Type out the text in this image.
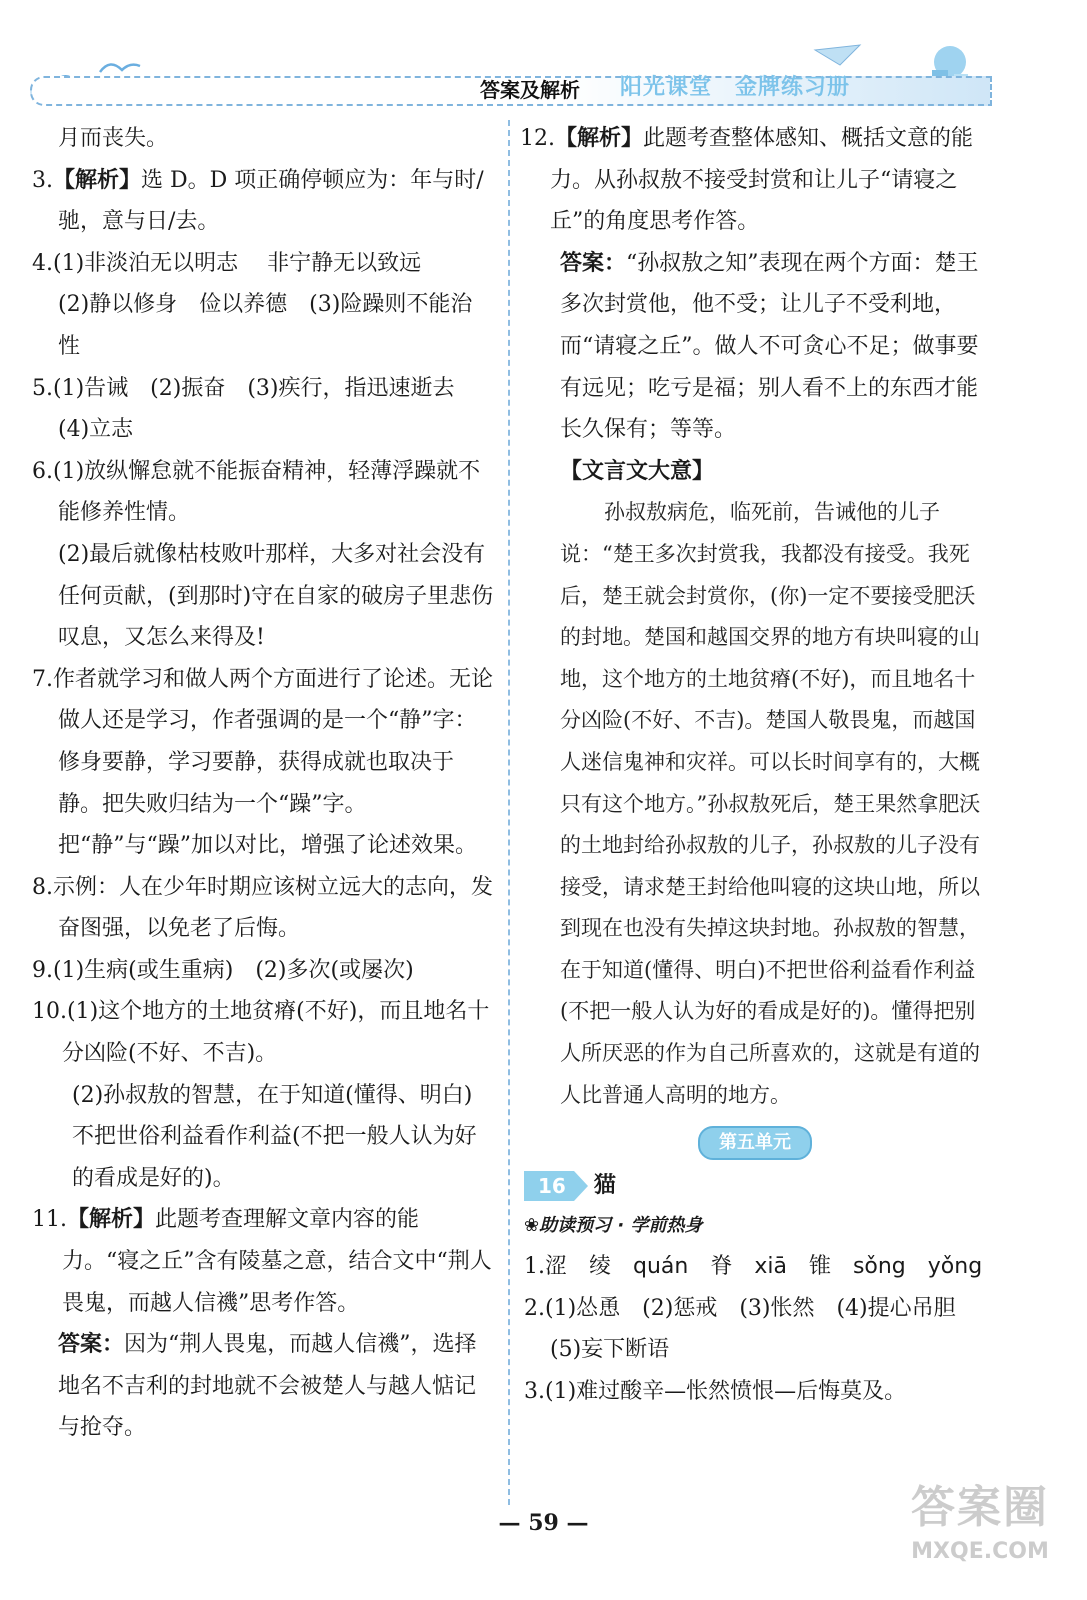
答案及解析 阳光课堂　金牌练习册

月而丧失。

3.【解析】选 D。D 项正确停顿应为：年与时/驰，意与日/去。

4.(1)非淡泊无以明志　 非宁静无以致远

(2)静以修身　俭以养德　(3)险躁则不能治性

5.(1)告诫　(2)振奋　(3)疾行，指迅速逝去

(4)立志

6.(1)放纵懈怠就不能振奋精神，轻薄浮躁就不能修养性情。

(2)最后就像枯枝败叶那样，大多对社会没有任何贡献，(到那时)守在自家的破房子里悲伤叹息，又怎么来得及!

7.作者就学习和做人两个方面进行了论述。无论做人还是学习，作者强调的是一个“静”字：修身要静，学习要静，获得成就也取决于静。把失败归结为一个“躁”字。把“静”与“躁”加以对比，增强了论述效果。

8.示例：人在少年时期应该树立远大的志向，发奋图强，以免老了后悔。

9.(1)生病(或生重病)　(2)多次(或屡次)

10.(1)这个地方的土地贫瘠(不好)，而且地名十分凶险(不好、不吉)。

(2)孙叔敖的智慧，在于知道(懂得、明白)不把世俗利益看作利益(不把一般人认为好的看成是好的)。

11.【解析】此题考查理解文章内容的能力。“寝之丘”含有陵墓之意，结合文中“荆人畏鬼，而越人信禨”思考作答。

答案：因为“荆人畏鬼，而越人信禨”，选择地名不吉利的封地就不会被楚人与越人惦记与抢夺。

12.【解析】此题考查整体感知、概括文意的能力。从孙叔敖不接受封赏和让儿子“请寝之丘”的角度思考作答。

答案：“孙叔敖之知”表现在两个方面：楚王多次封赏他，他不受；让儿子不受利地，而“请寝之丘”。做人不可贪心不足；做事要有远见；吃亏是福；别人看不上的东西才能长久保有；等等。

【文言文大意】

孙叔敖病危，临死前，告诫他的儿子说：“楚王多次封赏我，我都没有接受。我死后，楚王就会封赏你，(你)一定不要接受肥沃的封地。楚国和越国交界的地方有块叫寝的山地，这个地方的土地贫瘠(不好)，而且地名十分凶险(不好、不吉)。楚国人敬畏鬼，而越国人迷信鬼神和灾祥。可以长时间享有的，大概只有这个地方。”孙叔敖死后，楚王果然拿肥沃的土地封给孙叔敖的儿子，孙叔敖的儿子没有接受，请求楚王封给他叫寝的这块山地，所以到现在也没有失掉这块封地。孙叔敖的智慧，在于知道(懂得、明白)不把世俗利益看作利益(不把一般人认为好的看成是好的)。懂得把别人所厌恶的作为自己所喜欢的，这就是有道的人比普通人高明的地方。

第五单元
16	猫
❀助读预习 · 学前热身

1.涩　绫　quán　脊　xiā　锥　sǒng　yǒng

2.(1)怂恿　(2)惩戒　(3)怅然　(4)提心吊胆

(5)妄下断语

3.(1)难过酸辛—怅然愤恨—后悔莫及。

— 59 —	答案圈
MXQE.COM
